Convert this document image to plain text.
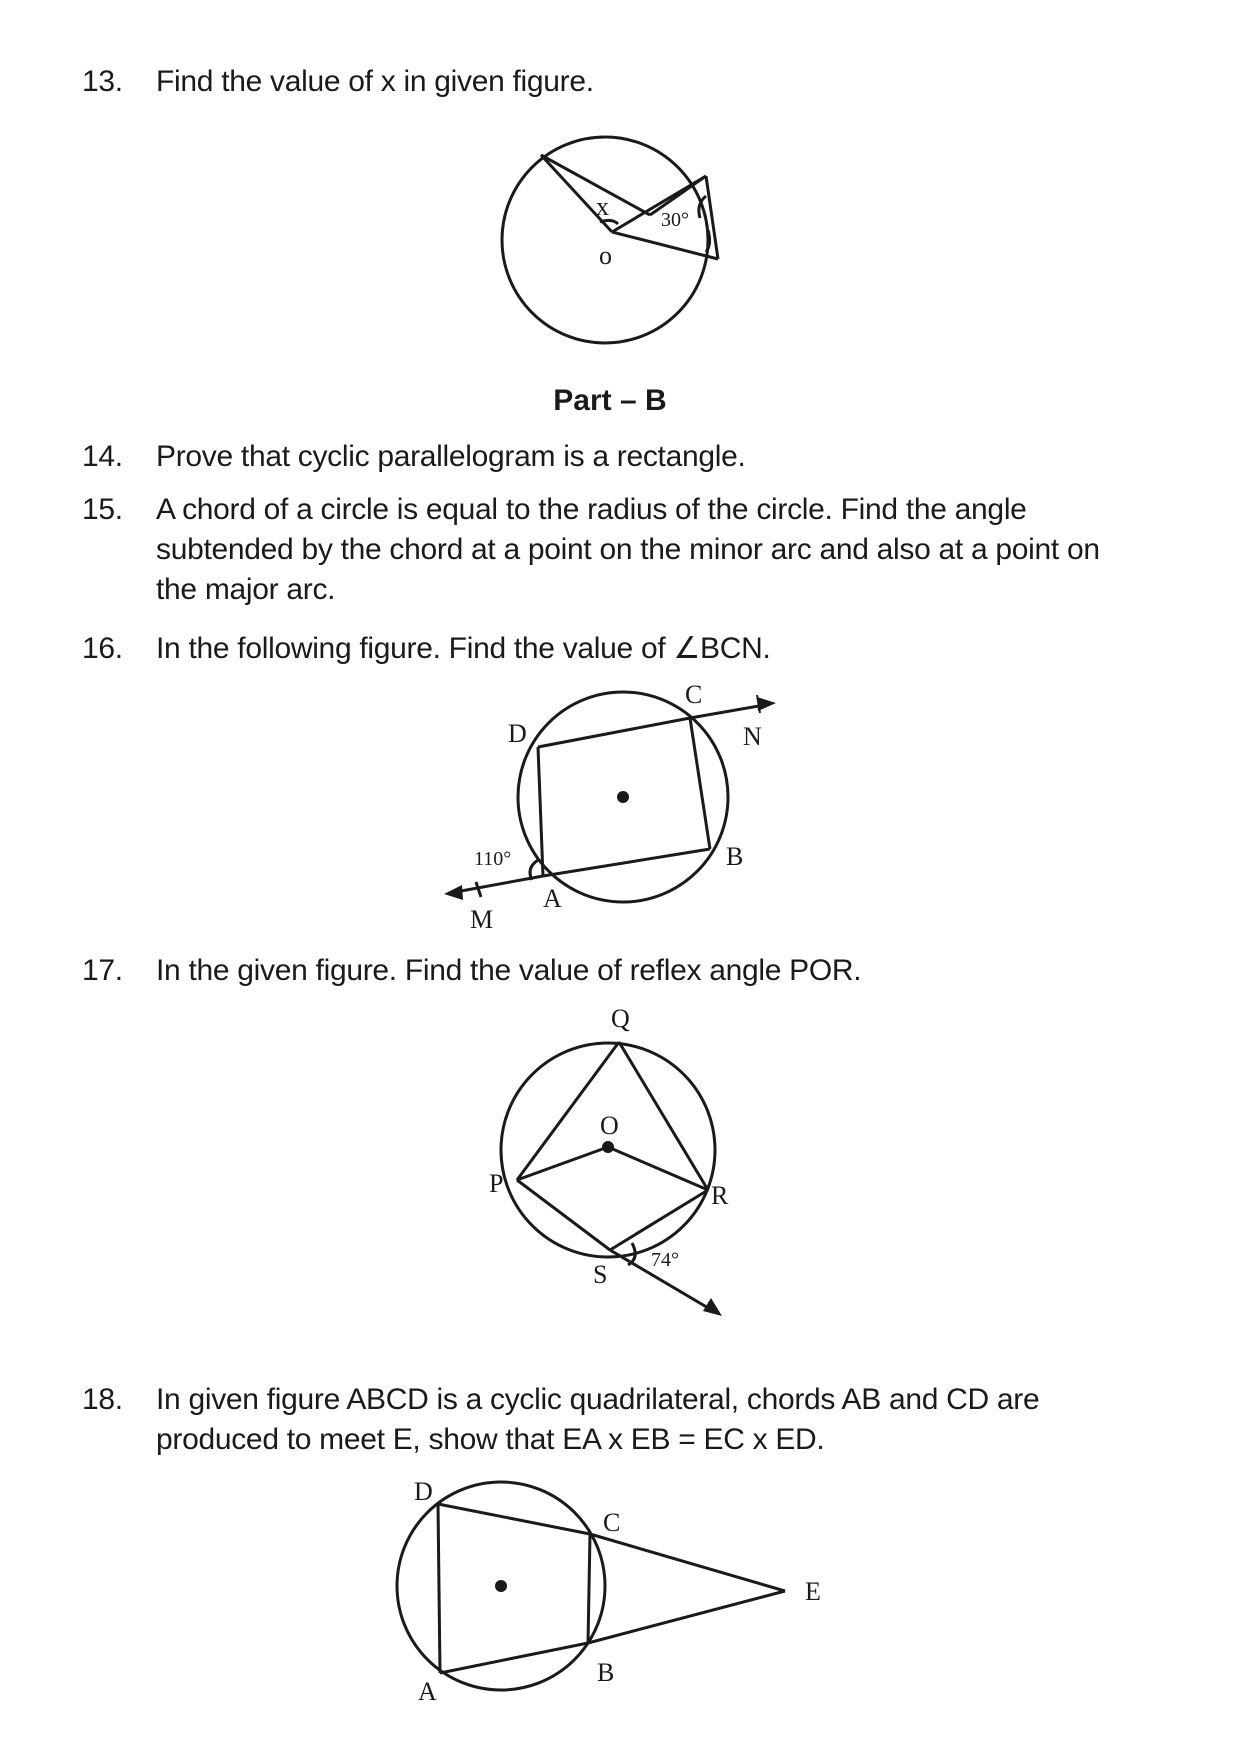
13.	Find the value of x in given figure.
x	30°
o
Part – B
14.	Prove that cyclic parallelogram is a rectangle.
15.	A chord of a circle is equal to the radius of the circle. Find the angle subtended by the chord at a point on the minor arc and also at a point on the major arc.
16.	In the following figure. Find the value of ∠BCN.
D
C
N
B
A
M
110°
17.	In the given figure. Find the value of reflex angle POR.
Q
O
P	R
S 74°
18.	In given figure ABCD is a cyclic quadrilateral, chords AB and CD are produced to meet E, show that EA x EB = EC x ED.
D
C
E
B
A
